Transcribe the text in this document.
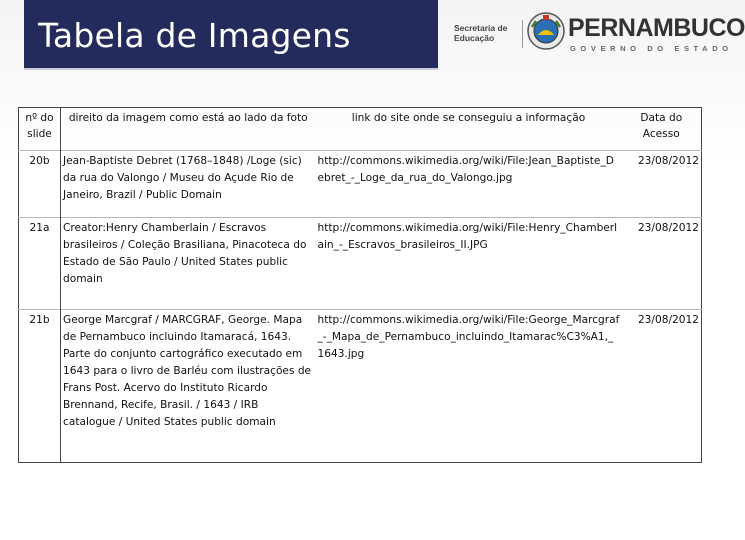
Tabela de Imagens	Secretaria de
Educação	PERNAMBUCO
GOVERNO DO ESTADO
nº do slide	direito da imagem como está ao lado da foto	link do site onde se conseguiu a informação	Data do Acesso
20b	Jean-Baptiste Debret (1768–1848) /Loge (sic) da rua do Valongo / Museu do Açude Rio de Janeiro, Brazil / Public Domain	http://commons.wikimedia.org/wiki/File:Jean_Baptiste_Debret_-_Loge_da_rua_do_Valongo.jpg	23/08/2012
21a	Creator:Henry Chamberlain / Escravos brasileiros / Coleção Brasiliana, Pinacoteca do Estado de São Paulo / United States public domain	http://commons.wikimedia.org/wiki/File:Henry_Chamberlain_-_Escravos_brasileiros_II.JPG	23/08/2012
21b	George Marcgraf / MARCGRAF, George. Mapa de Pernambuco incluindo Itamaracá, 1643. Parte do conjunto cartográfico executado em 1643 para o livro de Barléu com ilustrações de Frans Post. Acervo do Instituto Ricardo Brennand, Recife, Brasil. / 1643 / IRB catalogue / United States public domain	http://commons.wikimedia.org/wiki/File:George_Marcgraf_-_Mapa_de_Pernambuco_incluindo_Itamarac%C3%A1,_1643.jpg	23/08/2012
